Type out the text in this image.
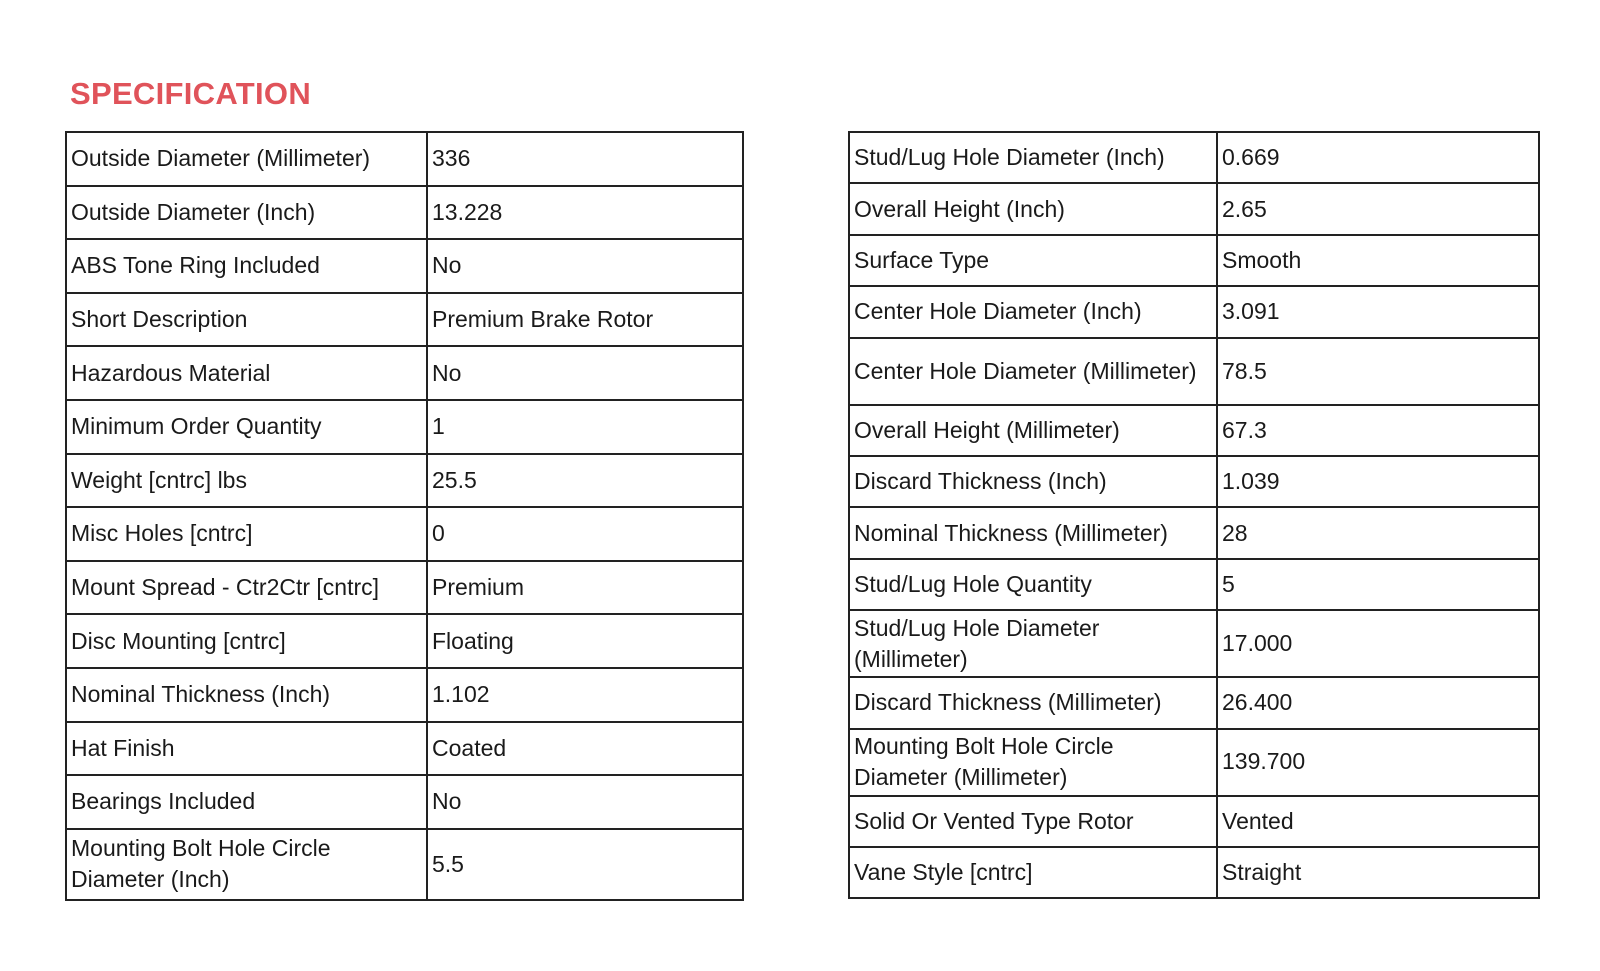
SPECIFICATION
Outside Diameter (Millimeter)	336
Outside Diameter (Inch)	13.228
ABS Tone Ring Included	No
Short Description	Premium Brake Rotor
Hazardous Material	No
Minimum Order Quantity	1
Weight [cntrc] lbs	25.5
Misc Holes [cntrc]	0
Mount Spread - Ctr2Ctr [cntrc]	Premium
Disc Mounting [cntrc]	Floating
Nominal Thickness (Inch)	1.102
Hat Finish	Coated
Bearings Included	No
Mounting Bolt Hole Circle Diameter (Inch)	5.5
Stud/Lug Hole Diameter (Inch)	0.669
Overall Height (Inch)	2.65
Surface Type	Smooth
Center Hole Diameter (Inch)	3.091
Center Hole Diameter (Millimeter)	78.5
Overall Height (Millimeter)	67.3
Discard Thickness (Inch)	1.039
Nominal Thickness (Millimeter)	28
Stud/Lug Hole Quantity	5
Stud/Lug Hole Diameter (Millimeter)	17.000
Discard Thickness (Millimeter)	26.400
Mounting Bolt Hole Circle Diameter (Millimeter)	139.700
Solid Or Vented Type Rotor	Vented
Vane Style [cntrc]	Straight
